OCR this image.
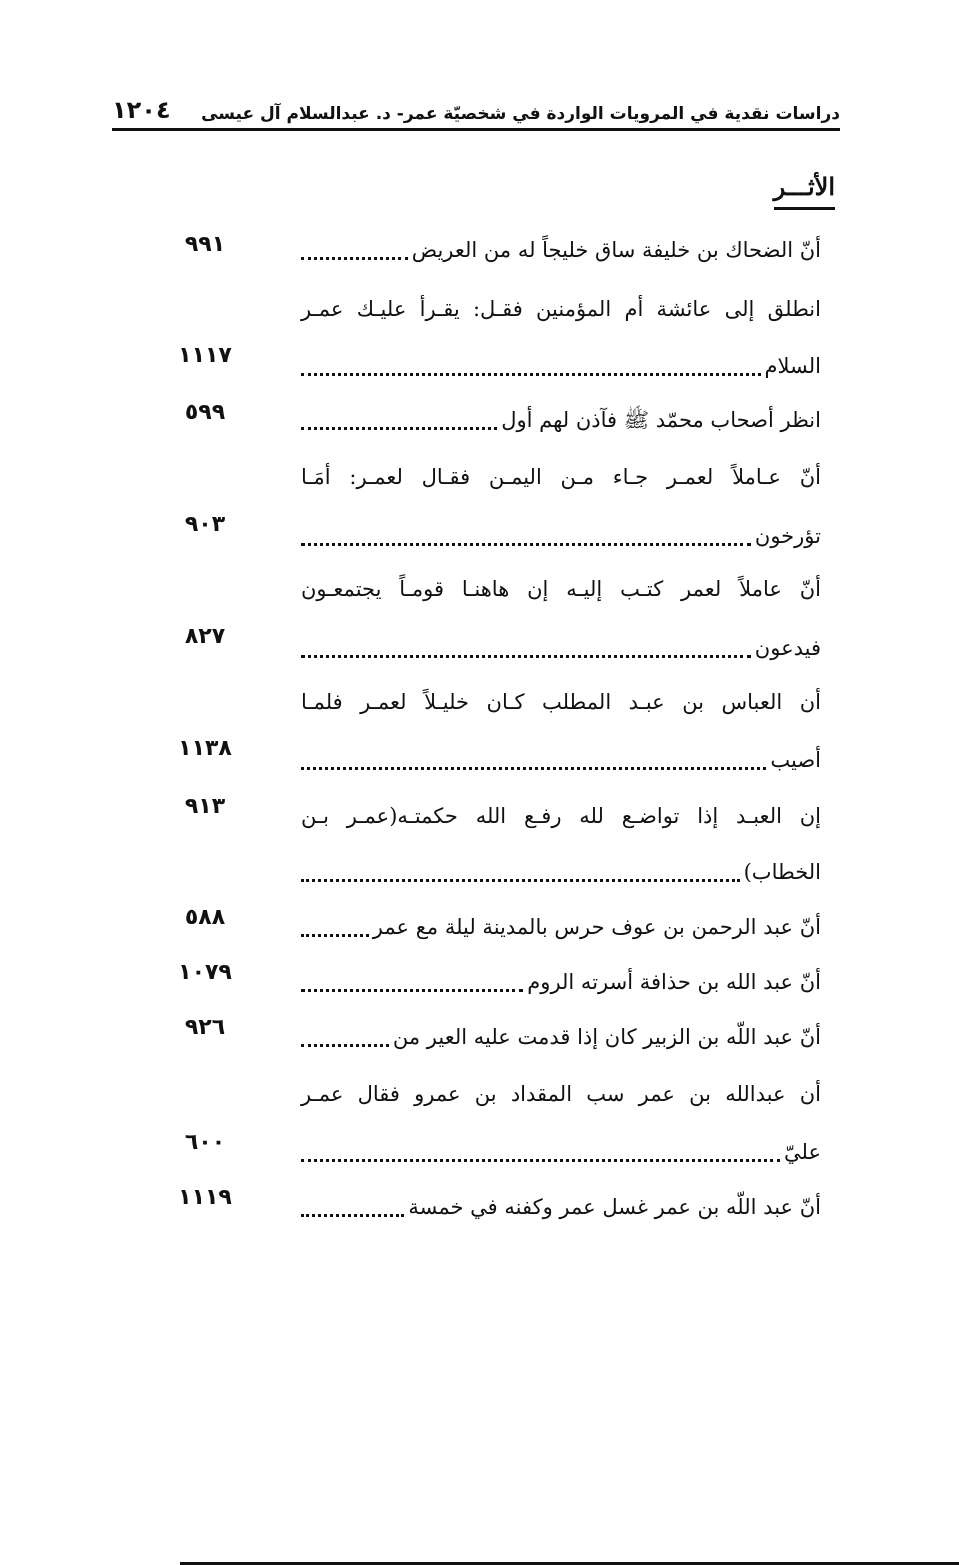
دراسات نقدية في المرويات الواردة في شخصيّة عمر- د. عبدالسلام آل عيسى
١٢٠٤
الأثـــر
أنّ الضحاك بن خليفة ساق خليجاً له من العريض
٩٩١
انطلق إلى عائشة أم المؤمنين فقـل: يقـرأ عليـك عمـر
السلام
١١١٧
انظر أصحاب محمّد ﷺ فآذن لهم أول
٥٩٩
أنّ عـاملاً لعمـر جـاء مـن اليمـن فقـال لعمـر: أمَـا
تؤرخون
٩٠٣
أنّ عاملاً لعمر كتـب إليـه إن هاهنـا قومـاً يجتمعـون
فيدعون
٨٢٧
أن العباس بن عبـد المطلب كـان خليـلاً لعمـر فلمـا
أصيب
١١٣٨
إن العبـد إذا تواضـع لله رفـع الله حكمتـه(عمـر بـن
٩١٣
الخطاب)
أنّ عبد الرحمن بن عوف حرس بالمدينة ليلة مع عمر
٥٨٨
أنّ عبد الله بن حذافة أسرته الروم
١٠٧٩
أنّ عبد اللّه بن الزبير كان إذا قدمت عليه العير من
٩٢٦
أن عبدالله بن عمر سب المقداد بن عمرو فقال عمـر
عليّ
٦٠٠
أنّ عبد اللّه بن عمر غسل عمر وكفنه في خمسة
١١١٩
